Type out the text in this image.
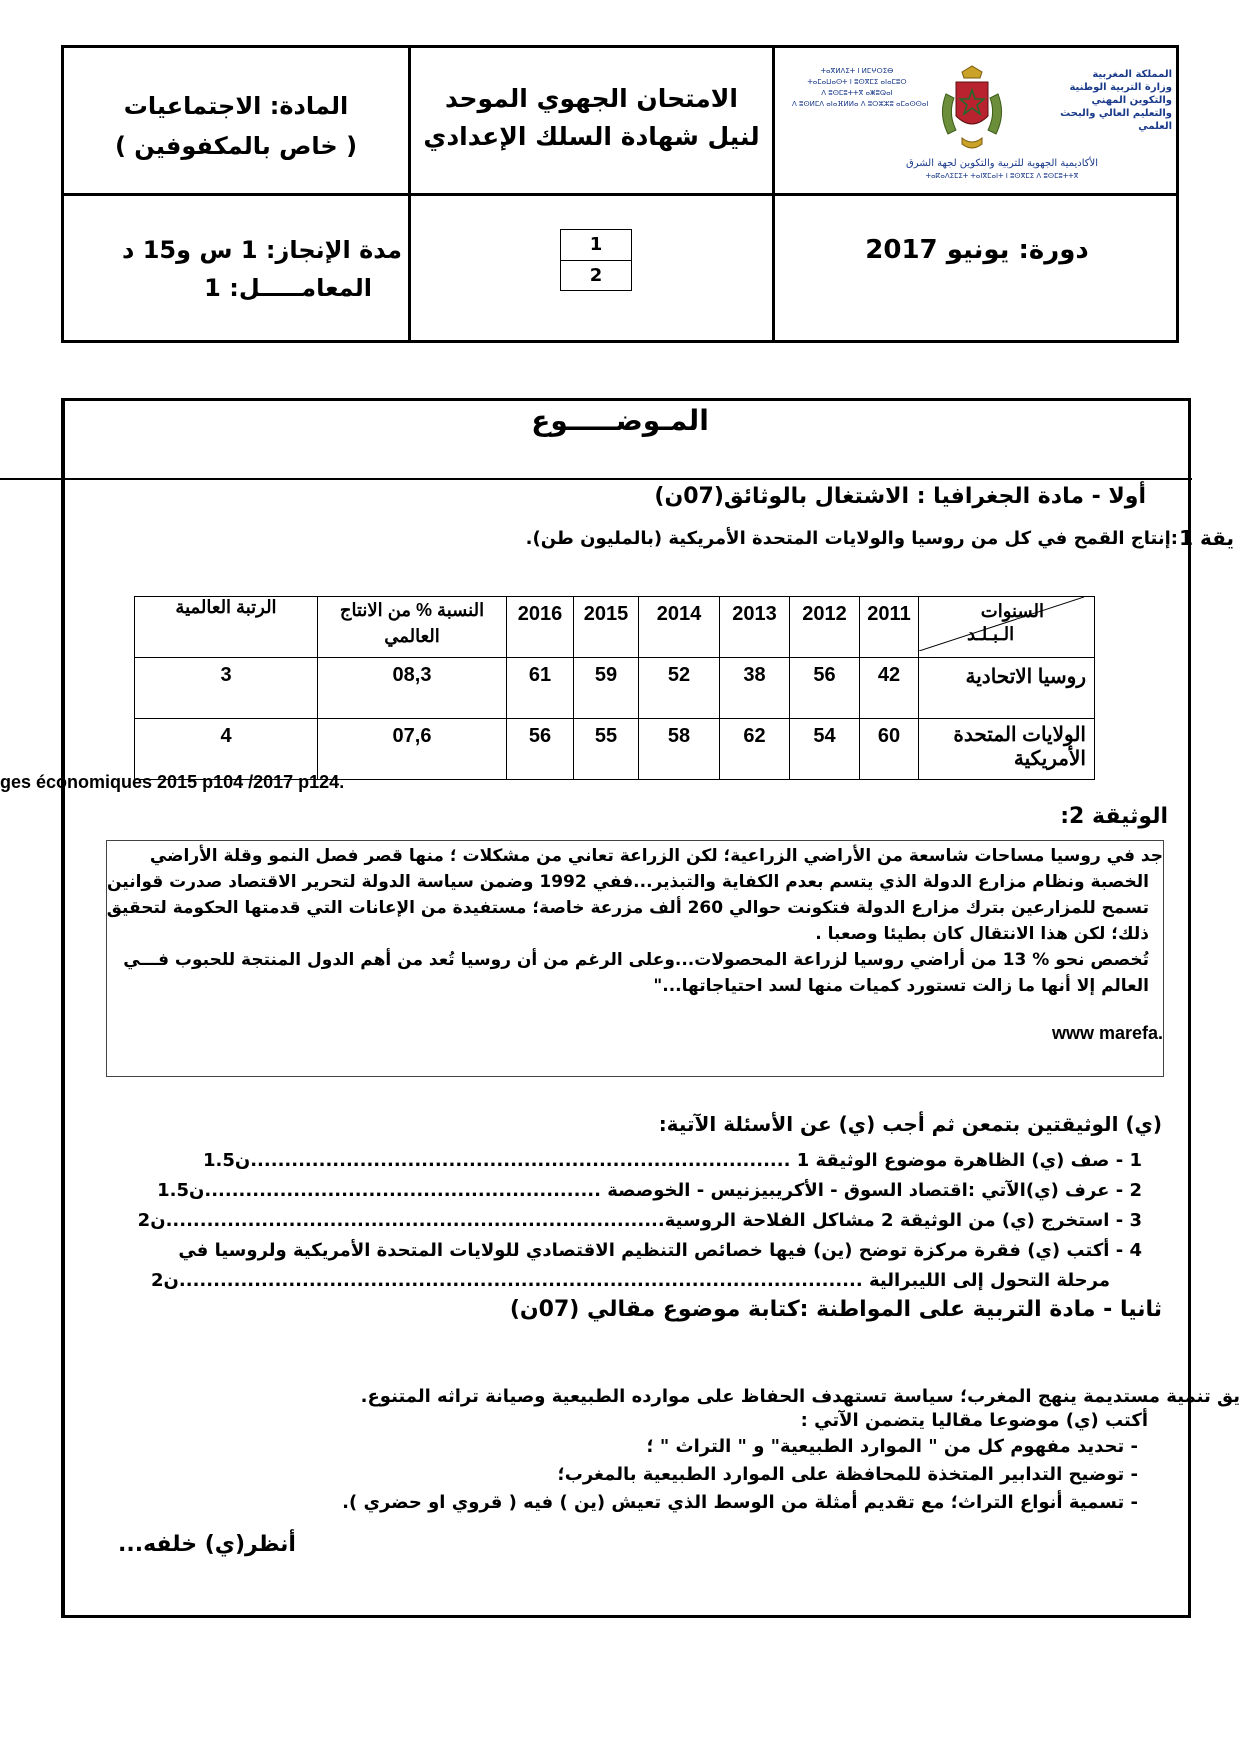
ⵜⴰⴳⵍⴷⵉⵜ ⵏ ⵍⵎⵖⵔⵉⴱ
ⵜⴰⵎⴰⵡⴰⵙⵜ ⵏ ⵓⵙⴳⵎⵉ ⴰⵏⴰⵎⵓⵔ
ⴷ ⵓⵙⵎⵓⵜⵜⴳ ⴰⵥⵓⵕⴰⵏ
ⴷ ⵓⵙⵍⵎⴷ ⴰⵏⴰⴼⵍⵍⴰ ⴷ ⵓⵔⵣⵣⵓ ⴰⵎⴰⵙⵙⴰⵏ
المملكة المغربية
وزارة التربية الوطنية
والتكوين المهني
والتعليم العالي والبحث العلمي
الأكاديمية الجهوية للتربية والتكوين لجهة الشرق
ⵜⴰⴽⴰⴷⵉⵎⵉⵜ ⵜⴰⵏⴳⵎⴰⵏⵜ ⵏ ⵓⵙⴳⵎⵉ ⴷ ⵓⵙⵎⵓⵜⵜⴳ
الامتحان الجهوي الموحد
لنيل شهادة السلك الإعدادي
المادة: الاجتماعيات
( خاص بالمكفوفين )
دورة: يونيو 2017
1
2
مدة الإنجاز: 1 س و15 د
المعامـــــل: 1
المـوضـــــوع
أولا - مادة الجغرافيا : الاشتغال بالوثائق(07ن)
يقة 1
:إنتاج القمح في كل من روسيا والولايات المتحدة الأمريكية (بالمليون طن).
السنوات
الـبـلـد	2011	2012	2013	2014	2015	2016	النسبة % من الانتاج العالمي	الرتبة العالمية
روسيا الاتحادية	42	56	38	52	59	61	08,3	3
الولايات المتحدة الأمريكية	60	54	62	58	55	56	07,6	4
ges économiques 2015 p104 /2017 p124.
الوثيقة 2:
جد في روسيا مساحات شاسعة من الأراضي الزراعية؛ لكن الزراعة تعاني من مشكلات ؛ منها قصر فصل النمو وقلة الأراضي
الخصبة ونظام مزارع الدولة الذي يتسم بعدم الكفاية والتبذير...ففي 1992 وضمن سياسة الدولة لتحرير الاقتصاد صدرت قوانين
تسمح للمزارعين بترك مزارع الدولة فتكونت حوالي 260 ألف مزرعة خاصة؛ مستفيدة من الإعانات التي قدمتها الحكومة لتحقيق
ذلك؛ لكن هذا الانتقال كان بطيئا وصعبا .
تُخصص نحو % 13 من أراضي روسيا لزراعة المحصولات...وعلى الرغم من أن روسيا تُعد من أهم الدول المنتجة للحبوب فـــي
العالم إلا أنها ما زالت تستورد كميات منها لسد احتياجاتها..."
www marefa.
(ي) الوثيقتين بتمعن ثم أجب (ي) عن الأسئلة الآتية:
1 - صف (ي) الظاهرة موضوع الوثيقة 1 ...............................................................................ن1.5
2 - عرف (ي)الآتي :اقتصاد السوق - الأكريبيزنيس - الخوصصة ..........................................................ن1.5
3 - استخرج (ي) من الوثيقة 2 مشاكل الفلاحة الروسية.........................................................................ن2
4 - أكتب (ي) فقرة مركزة توضح (ين) فيها خصائص التنظيم الاقتصادي للولايات المتحدة الأمريكية ولروسيا في
مرحلة التحول إلى الليبرالية ....................................................................................................ن2
ثانيا - مادة التربية على المواطنة :كتابة موضوع مقالي (07ن)
يق تنمية مستديمة ينهج المغرب؛ سياسة تستهدف الحفاظ على موارده الطبيعية وصيانة تراثه المتنوع.
أكتب (ي) موضوعا مقاليا يتضمن الآتي :
- تحديد مفهوم كل من " الموارد الطبيعية" و " التراث " ؛
- توضيح التدابير المتخذة للمحافظة على الموارد الطبيعية بالمغرب؛
- تسمية أنواع التراث؛ مع تقديم أمثلة من الوسط الذي تعيش (ين ) فيه ( قروي او حضري ).
أنظر(ي) خلفه...
